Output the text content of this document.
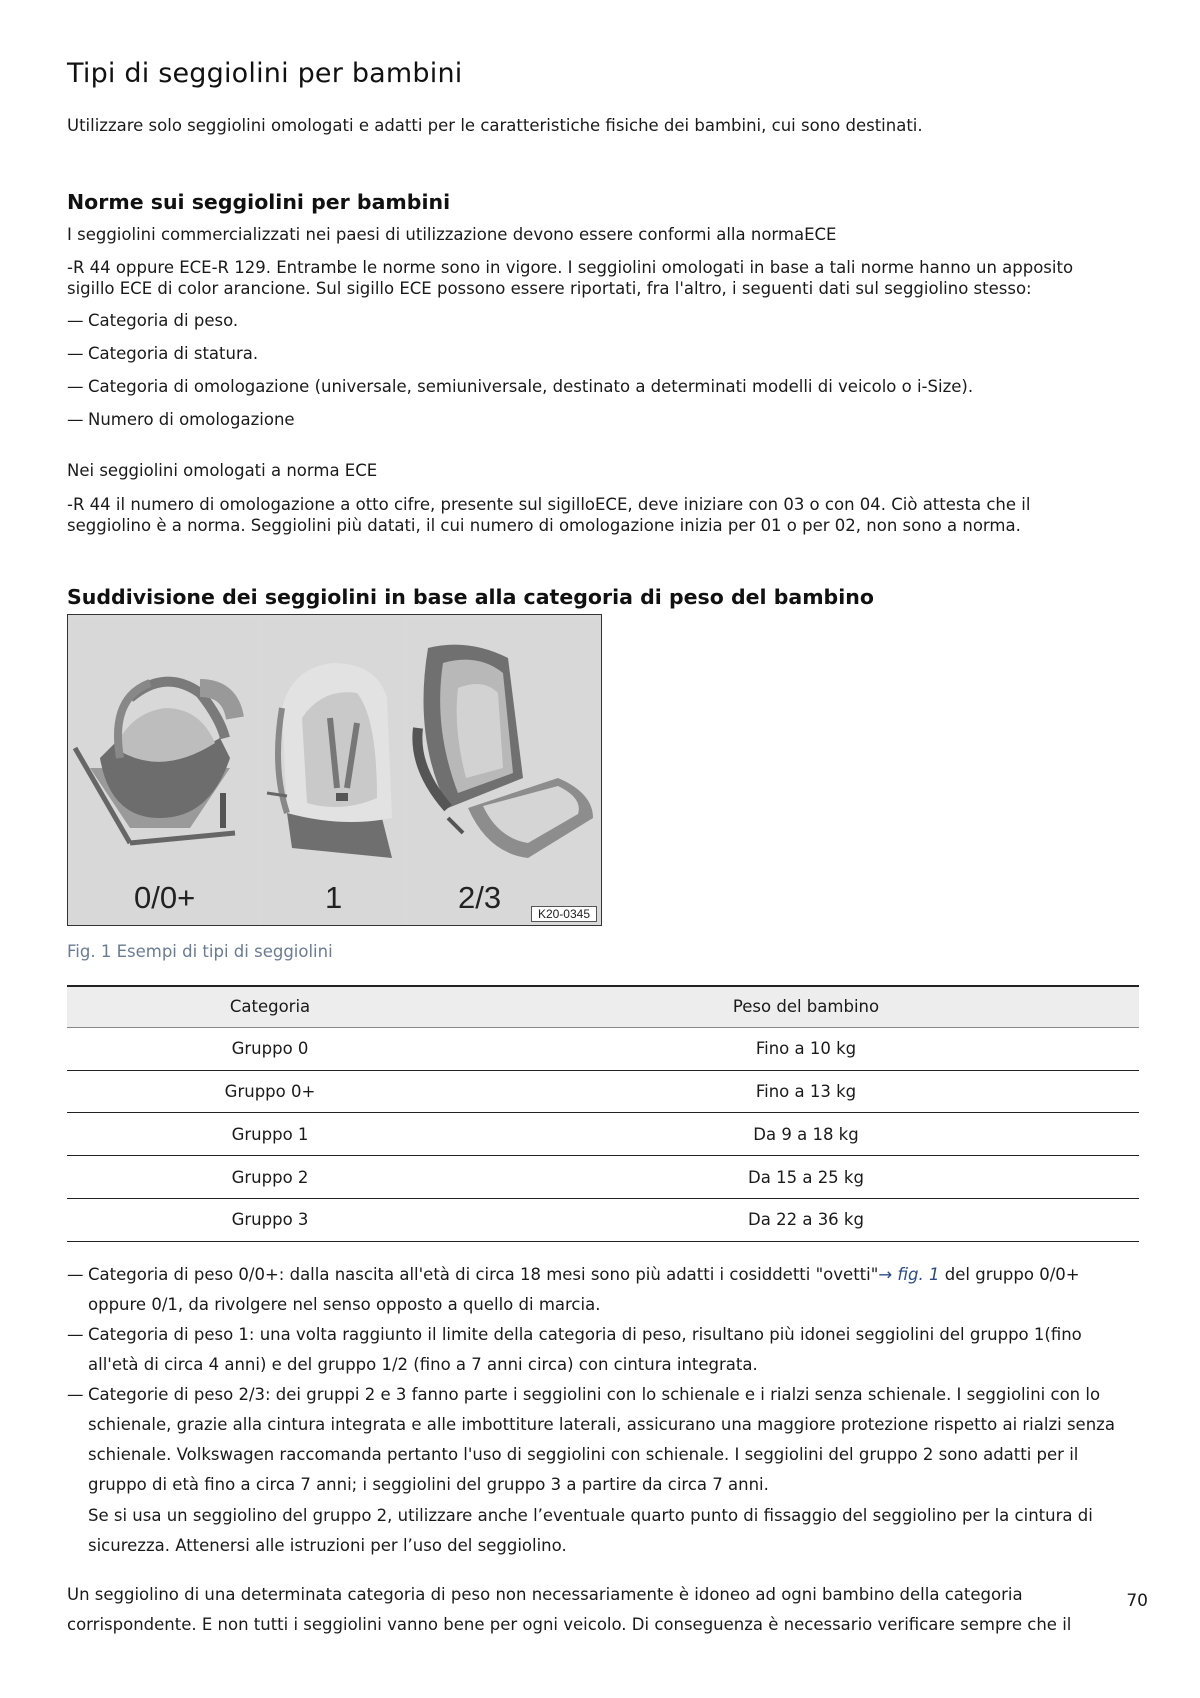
Tipi di seggiolini per bambini
Utilizzare solo seggiolini omologati e adatti per le caratteristiche fisiche dei bambini, cui sono destinati.
Norme sui seggiolini per bambini
I seggiolini commercializzati nei paesi di utilizzazione devono essere conformi alla normaECE
-R 44 oppure ECE-R 129. Entrambe le norme sono in vigore. I seggiolini omologati in base a tali norme hanno un apposito
sigillo ECE di color arancione. Sul sigillo ECE possono essere riportati, fra l'altro, i seguenti dati sul seggiolino stesso:
— Categoria di peso.
— Categoria di statura.
— Categoria di omologazione (universale, semiuniversale, destinato a determinati modelli di veicolo o i-Size).
— Numero di omologazione
Nei seggiolini omologati a norma ECE
-R 44 il numero di omologazione a otto cifre, presente sul sigilloECE, deve iniziare con 03 o con 04. Ciò attesta che il
seggiolino è a norma. Seggiolini più datati, il cui numero di omologazione inizia per 01 o per 02, non sono a norma.
Suddivisione dei seggiolini in base alla categoria di peso del bambino
0/0+	1	2/3	K20-0345
Fig. 1 Esempi di tipi di seggiolini
Categoria	Peso del bambino
Gruppo 0	Fino a 10 kg
Gruppo 0+	Fino a 13 kg
Gruppo 1	Da 9 a 18 kg
Gruppo 2	Da 15 a 25 kg
Gruppo 3	Da 22 a 36 kg
— Categoria di peso 0/0+: dalla nascita all'età di circa 18 mesi sono più adatti i cosiddetti "ovetti"→ fig. 1 del gruppo 0/0+
oppure 0/1, da rivolgere nel senso opposto a quello di marcia.
— Categoria di peso 1: una volta raggiunto il limite della categoria di peso, risultano più idonei seggiolini del gruppo 1(fino
all'età di circa 4 anni) e del gruppo 1/2 (fino a 7 anni circa) con cintura integrata.
— Categorie di peso 2/3: dei gruppi 2 e 3 fanno parte i seggiolini con lo schienale e i rialzi senza schienale. I seggiolini con lo
schienale, grazie alla cintura integrata e alle imbottiture laterali, assicurano una maggiore protezione rispetto ai rialzi senza
schienale. Volkswagen raccomanda pertanto l'uso di seggiolini con schienale. I seggiolini del gruppo 2 sono adatti per il
gruppo di età fino a circa 7 anni; i seggiolini del gruppo 3 a partire da circa 7 anni.
Se si usa un seggiolino del gruppo 2, utilizzare anche l’eventuale quarto punto di fissaggio del seggiolino per la cintura di
sicurezza. Attenersi alle istruzioni per l’uso del seggiolino.
Un seggiolino di una determinata categoria di peso non necessariamente è idoneo ad ogni bambino della categoria
corrispondente. E non tutti i seggiolini vanno bene per ogni veicolo. Di conseguenza è necessario verificare sempre che il
70
